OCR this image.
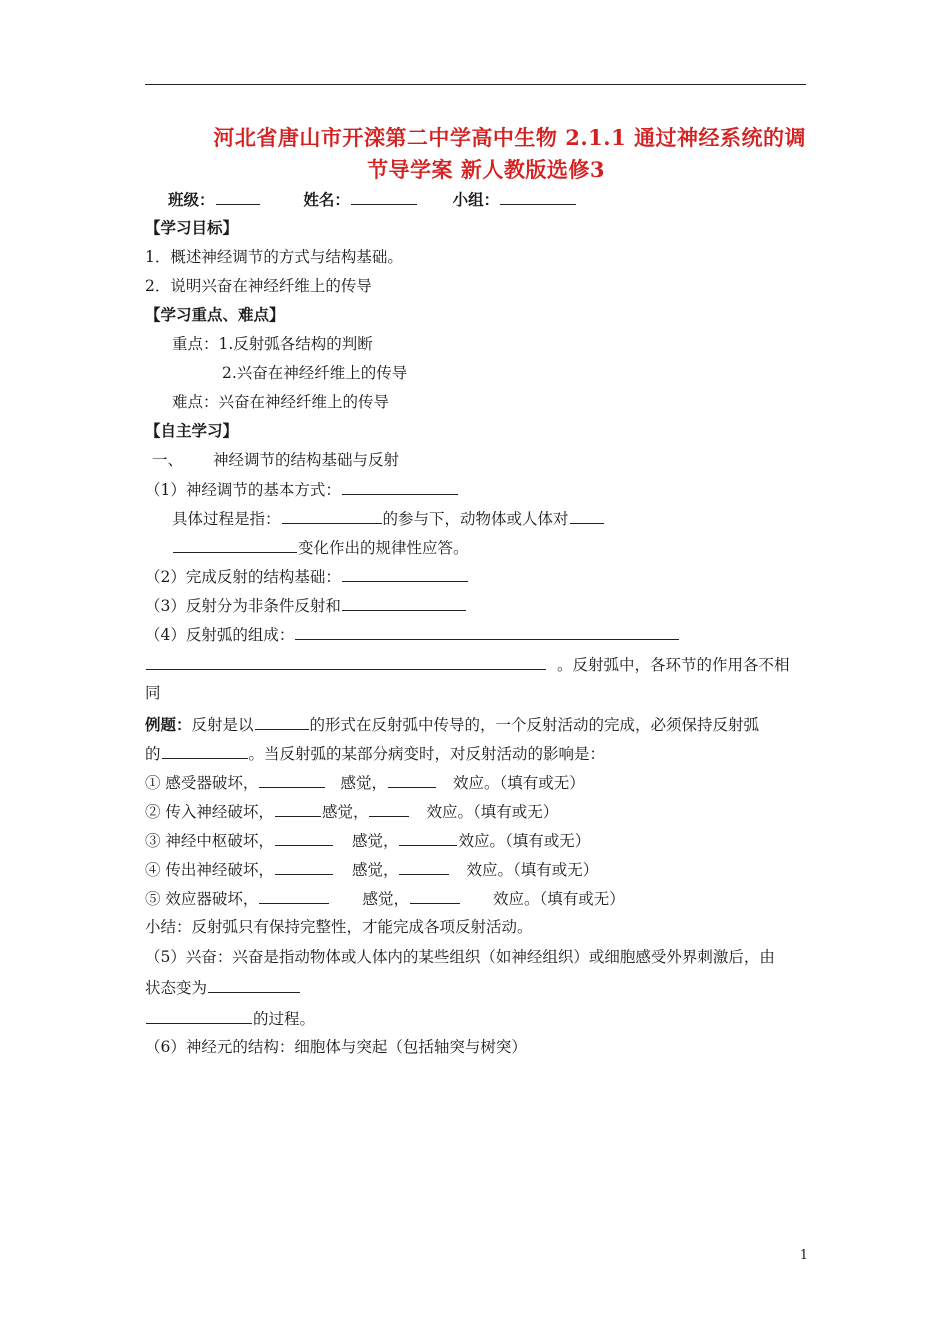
河北省唐山市开滦第二中学高中生物 2.1.1 通过神经系统的调
节导学案 新人教版选修3
班级：	姓名：	小组：
【学习目标】
1．概述神经调节的方式与结构基础。
2．说明兴奋在神经纤维上的传导
【学习重点、难点】
重点：1.反射弧各结构的判断
2.兴奋在神经纤维上的传导
难点：兴奋在神经纤维上的传导
【自主学习】
一、 神经调节的结构基础与反射
（1）神经调节的基本方式：
具体过程是指：	的参与下，动物体或人体对
变化作出的规律性应答。
（2）完成反射的结构基础：
（3）反射分为非条件反射和
（4）反射弧的组成：
。反射弧中，各环节的作用各不相
同
例题：反射是以	的形式在反射弧中传导的，一个反射活动的完成，必须保持反射弧
的	。当反射弧的某部分病变时，对反射活动的影响是：
① 感受器破坏，	感觉，	效应。（填有或无）
② 传入神经破坏，	感觉，	效应。（填有或无）
③ 神经中枢破坏，	感觉，	效应。（填有或无）
④ 传出神经破坏，	感觉，	效应。（填有或无）
⑤ 效应器破坏，	感觉，	效应。（填有或无）
小结：反射弧只有保持完整性，才能完成各项反射活动。
（5）兴奋：兴奋是指动物体或人体内的某些组织（如神经组织）或细胞感受外界刺激后，由
状态变为
的过程。
（6）神经元的结构：细胞体与突起（包括轴突与树突）
1
